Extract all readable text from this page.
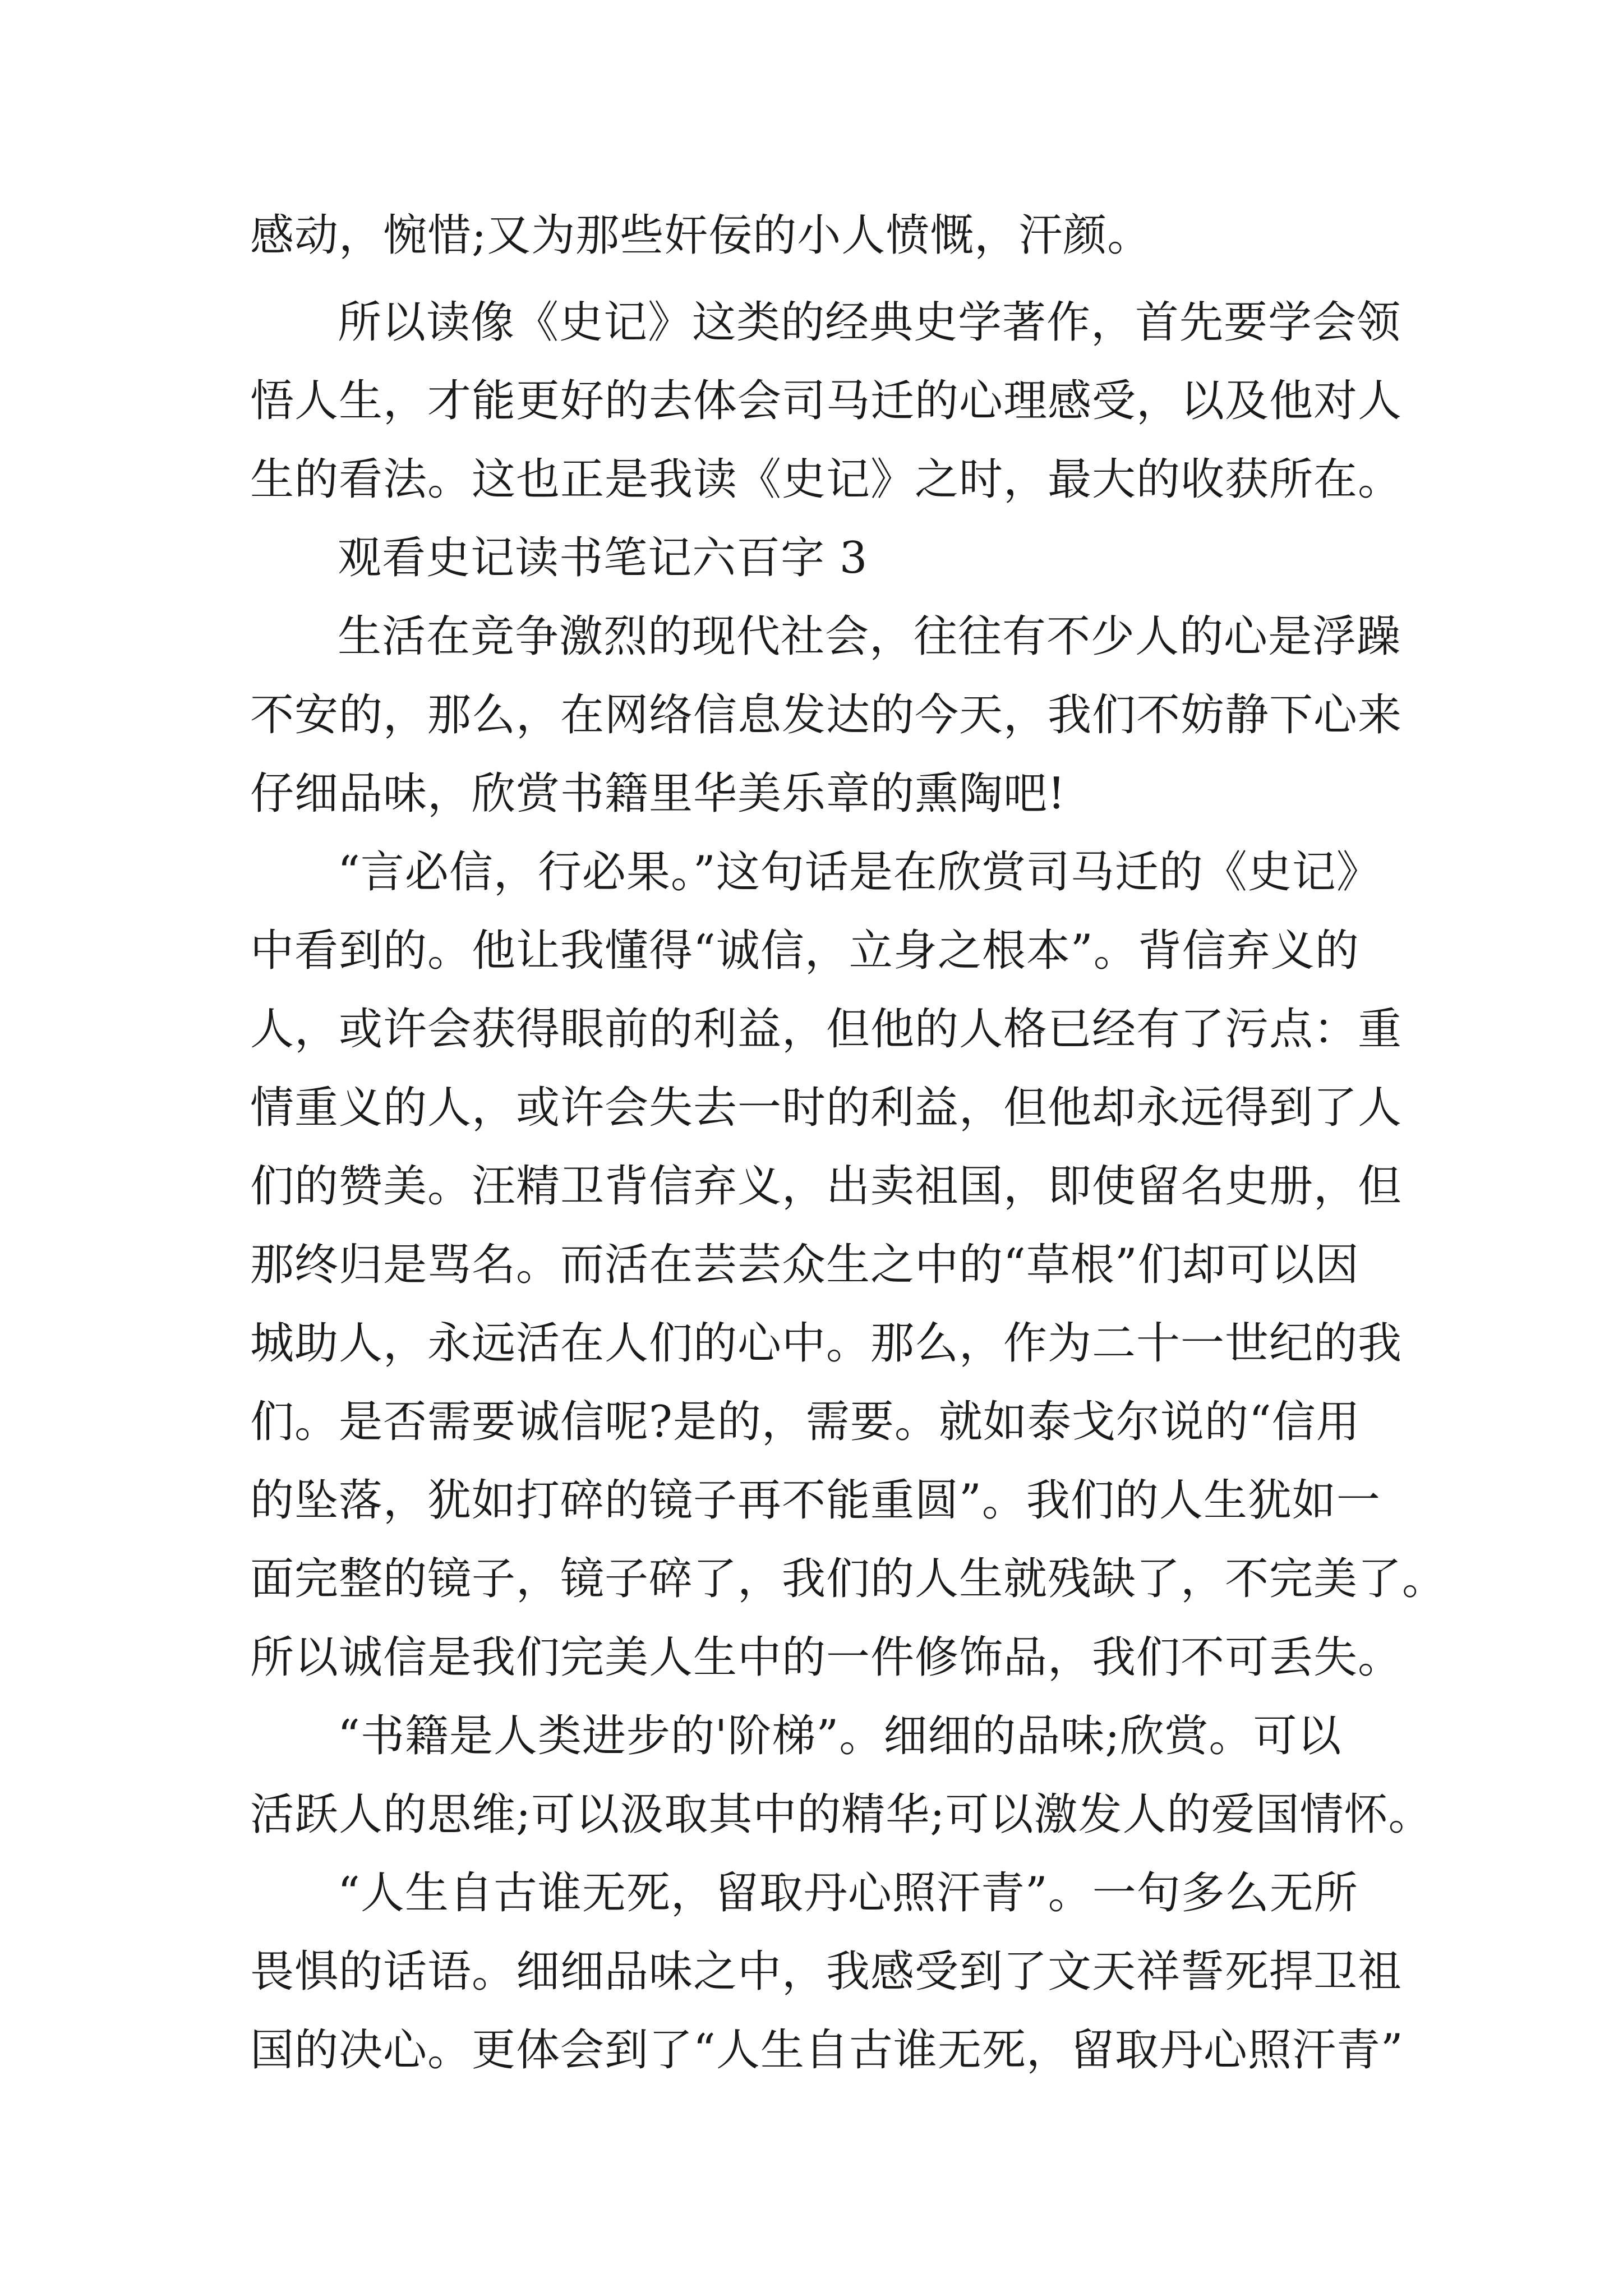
感动，惋惜;又为那些奸佞的小人愤慨，汗颜。
所以读像《史记》这类的经典史学著作，首先要学会领
悟人生，才能更好的去体会司马迁的心理感受，以及他对人
生的看法。这也正是我读《史记》之时，最大的收获所在。
观看史记读书笔记六百字 3
生活在竞争激烈的现代社会，往往有不少人的心是浮躁
不安的，那么，在网络信息发达的今天，我们不妨静下心来
仔细品味，欣赏书籍里华美乐章的熏陶吧!
“言必信，行必果。”这句话是在欣赏司马迁的《史记》
中看到的。他让我懂得“诚信，立身之根本”。背信弃义的
人，或许会获得眼前的利益，但他的人格已经有了污点：重
情重义的人，或许会失去一时的利益，但他却永远得到了人
们的赞美。汪精卫背信弃义，出卖祖国，即使留名史册，但
那终归是骂名。而活在芸芸众生之中的“草根”们却可以因
城助人，永远活在人们的心中。那么，作为二十一世纪的我
们。是否需要诚信呢?是的，需要。就如泰戈尔说的“信用
的坠落，犹如打碎的镜子再不能重圆”。我们的人生犹如一
面完整的镜子，镜子碎了，我们的人生就残缺了，不完美了。
所以诚信是我们完美人生中的一件修饰品，我们不可丢失。
“书籍是人类进步的'阶梯”。细细的品味;欣赏。可以
活跃人的思维;可以汲取其中的精华;可以激发人的爱国情怀。
“人生自古谁无死，留取丹心照汗青”。一句多么无所
畏惧的话语。细细品味之中，我感受到了文天祥誓死捍卫祖
国的决心。更体会到了“人生自古谁无死，留取丹心照汗青”
